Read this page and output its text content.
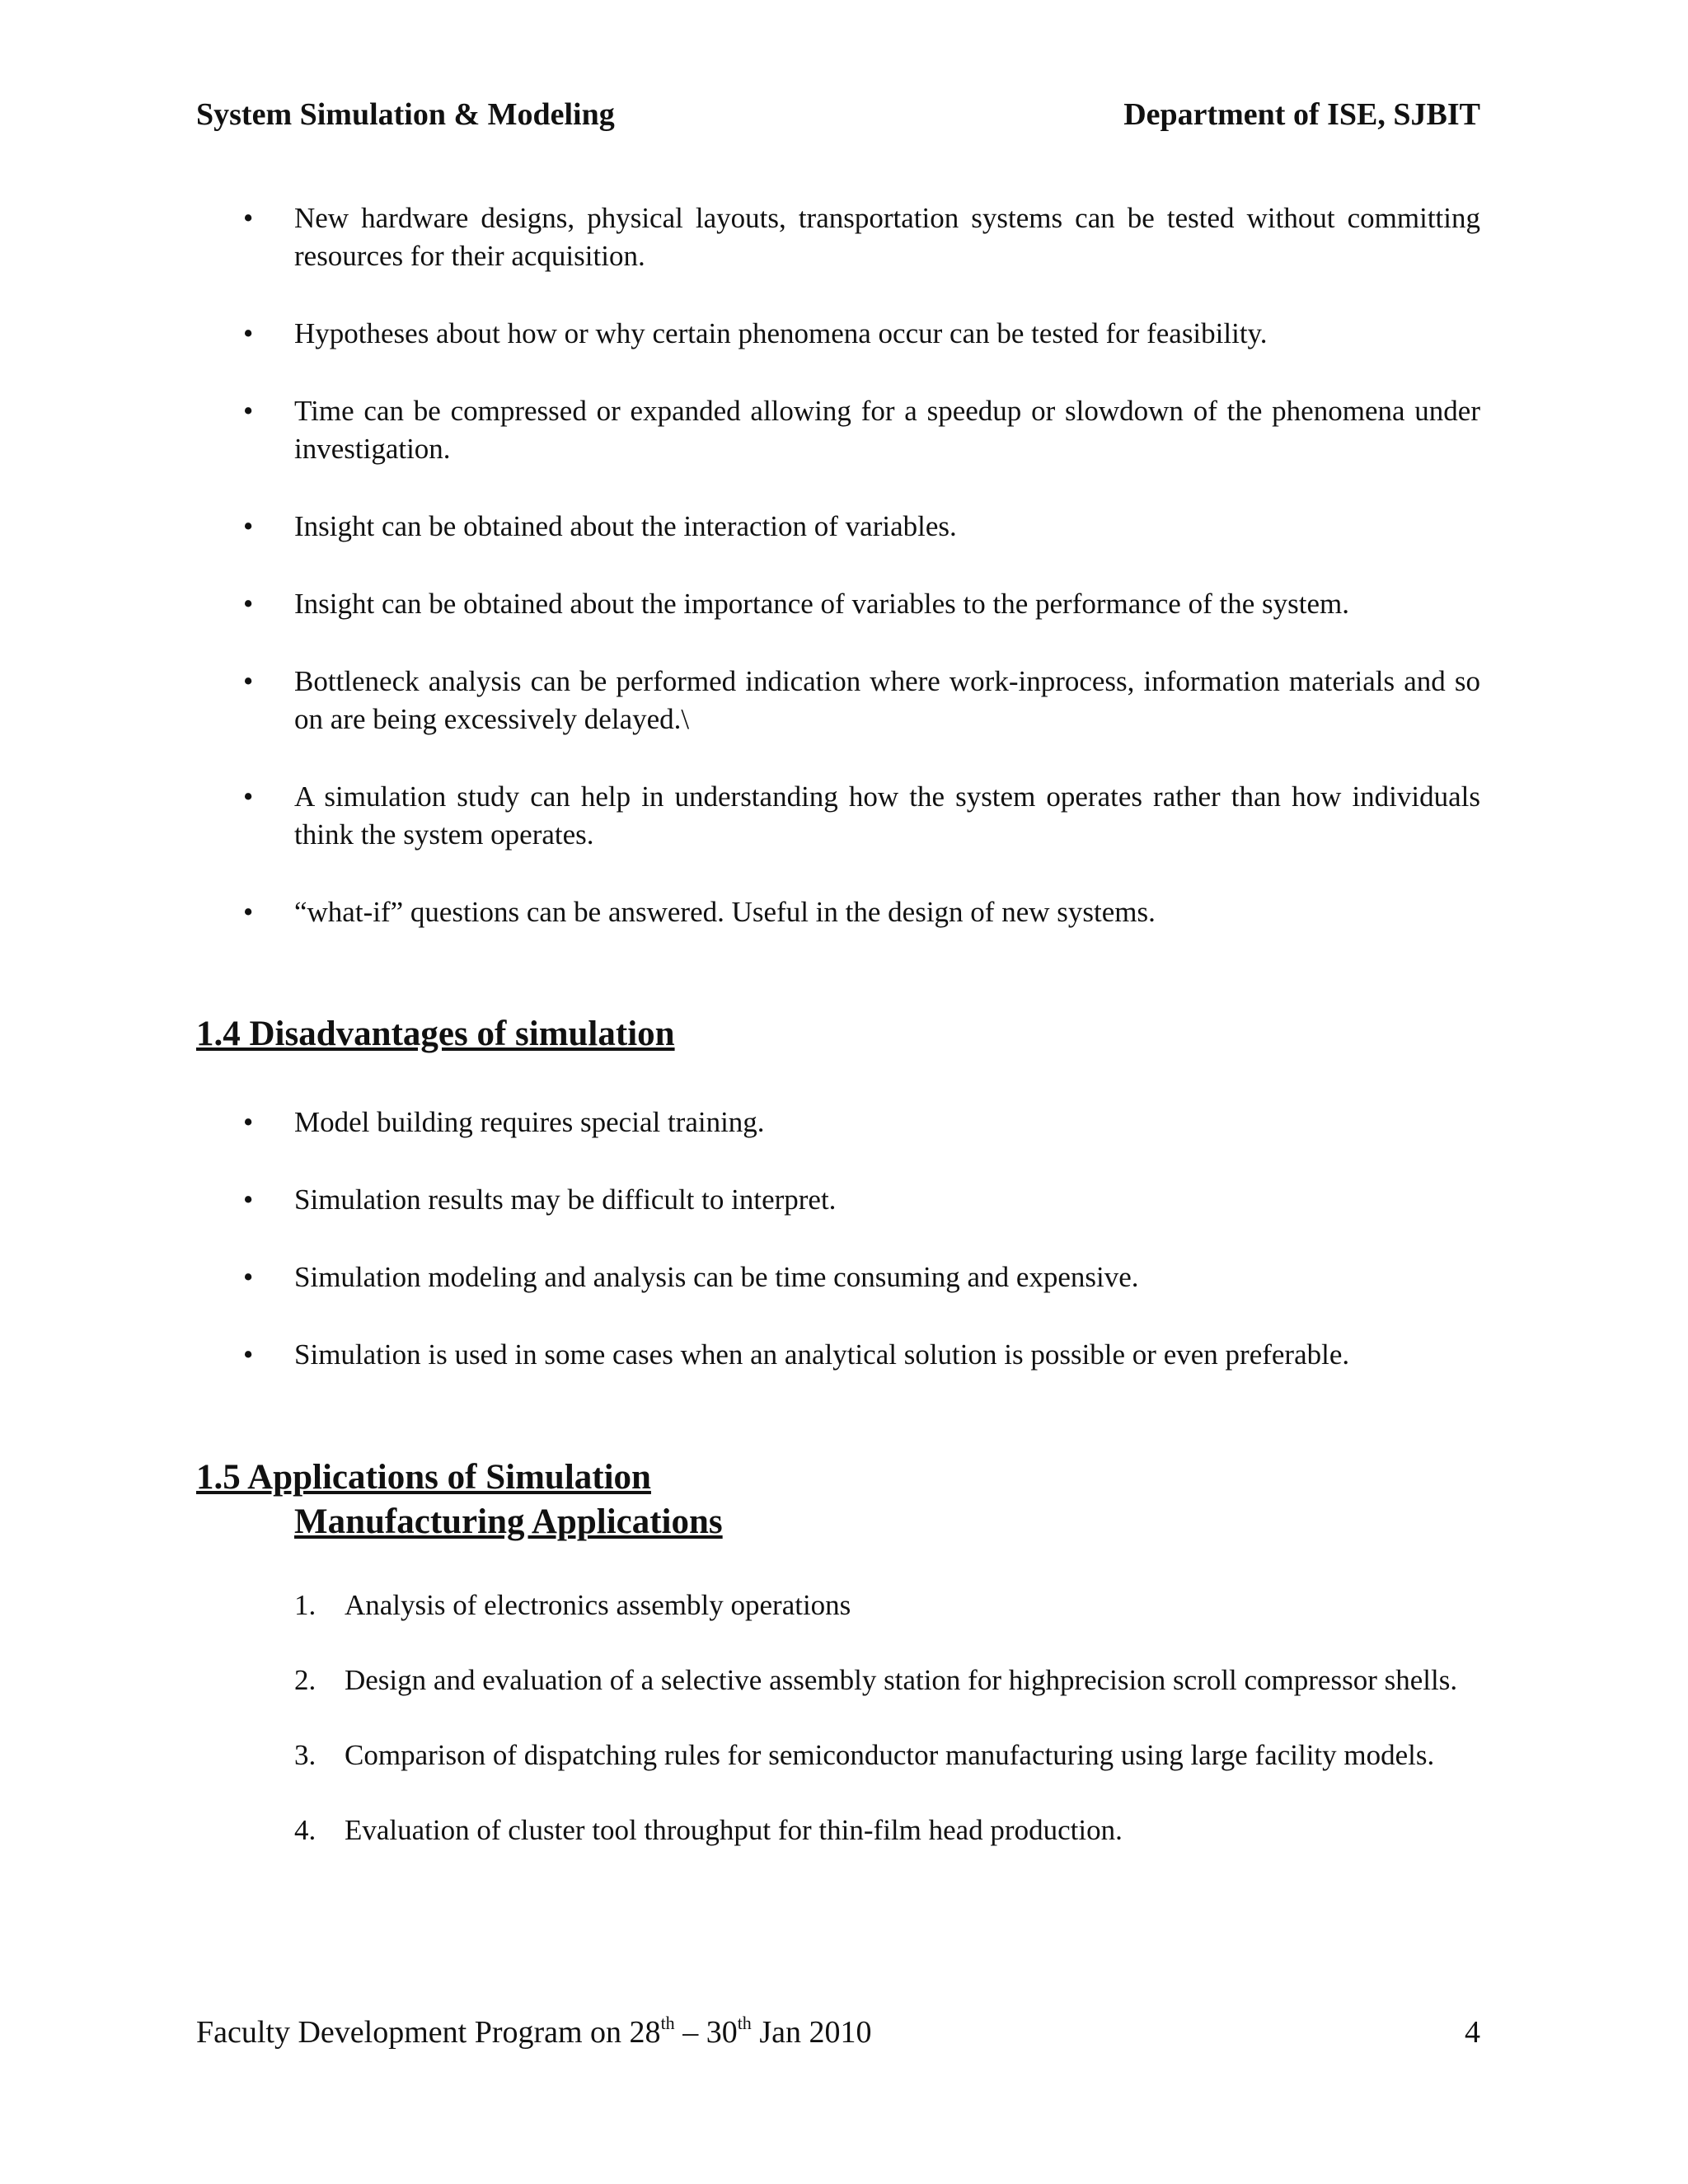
System Simulation & Modeling	Department of ISE, SJBIT
• New hardware designs, physical layouts, transportation systems can be tested without committing resources for their acquisition.
• Hypotheses about how or why certain phenomena occur can be tested for feasibility.
• Time can be compressed or expanded allowing for a speedup or slowdown of the phenomena under investigation.
• Insight can be obtained about the interaction of variables.
• Insight can be obtained about the importance of variables to the performance of the system.
• Bottleneck analysis can be performed indication where work-inprocess, information materials and so on are being excessively delayed.\
• A simulation study can help in understanding how the system operates rather than how individuals think the system operates.
• “what-if” questions can be answered. Useful in the design of new systems.
1.4 Disadvantages of simulation
• Model building requires special training.
• Simulation results may be difficult to interpret.
• Simulation modeling and analysis can be time consuming and expensive.
• Simulation is used in some cases when an analytical solution is possible or even preferable.
1.5 Applications of Simulation
Manufacturing Applications
1. Analysis of electronics assembly operations
2. Design and evaluation of a selective assembly station for highprecision scroll compressor shells.
3. Comparison of dispatching rules for semiconductor manufacturing using large facility models.
4. Evaluation of cluster tool throughput for thin-film head production.
Faculty Development Program on 28th – 30th Jan 2010	4
